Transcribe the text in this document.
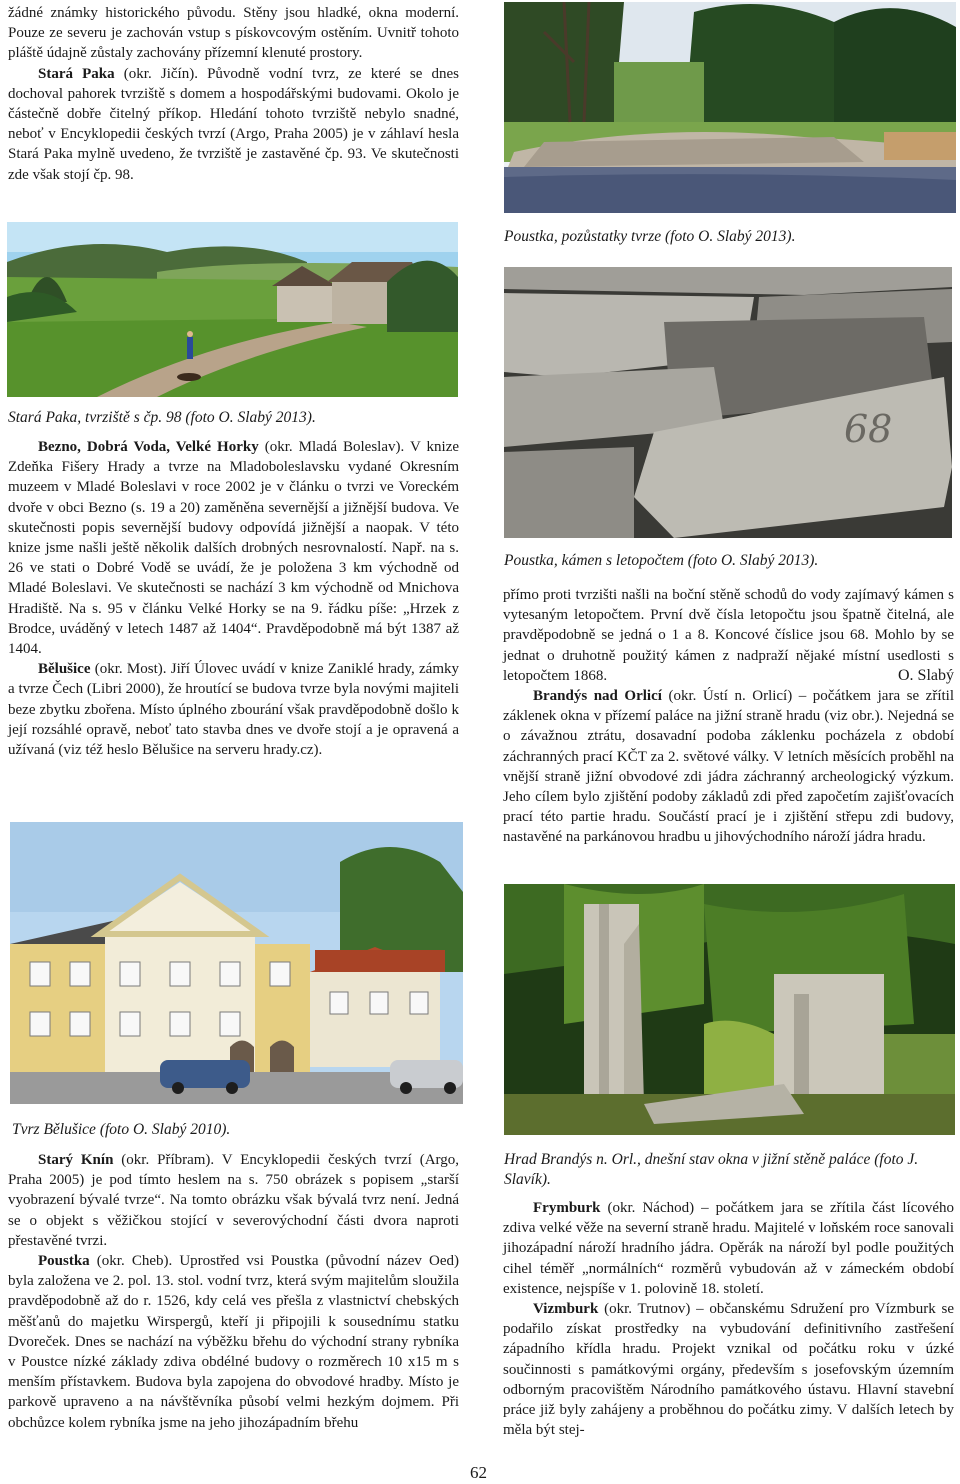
žádné známky historického původu. Stěny jsou hladké, okna moderní. Pouze ze severu je zachován vstup s pískovcovým ostěním. Uvnitř tohoto pláště údajně zůstaly zachovány přízemní klenuté prostory.

Stará Paka (okr. Jičín). Původně vodní tvrz, ze které se dnes dochoval pahorek tvrziště s domem a hospodářskými budovami. Okolo je částečně dobře čitelný příkop. Hledání tohoto tvrziště nebylo snadné, neboť v Encyklopedii českých tvrzí (Argo, Praha 2005) je v záhlaví hesla Stará Paka mylně uvedeno, že tvrziště je zastavěné čp. 93. Ve skutečnosti zde však stojí čp. 98.

Stará Paka, tvrziště s čp. 98 (foto O. Slabý 2013).

Bezno, Dobrá Voda, Velké Horky (okr. Mladá Boleslav). V knize Zdeňka Fišery Hrady a tvrze na Mladoboleslavsku vydané Okresním muzeem v Mladé Boleslavi v roce 2002 je v článku o tvrzi ve Voreckém dvoře v obci Bezno (s. 19 a 20) zaměněna severnější a jižnější budova. Ve skutečnosti popis severnější budovy odpovídá jižnější a naopak. V této knize jsme našli ještě několik dalších drobných nesrovnalostí. Např. na s. 26 ve stati o Dobré Vodě se uvádí, že je položena 3 km východně od Mladé Boleslavi. Ve skutečnosti se nachází 3 km východně od Mnichova Hradiště. Na s. 95 v článku Velké Horky se na 9. řádku píše: „Hrzek z Brodce, uváděný v letech 1487 až 1404“. Pravděpodobně má být 1387 až 1404.

Bělušice (okr. Most). Jiří Úlovec uvádí v knize Zaniklé hrady, zámky a tvrze Čech (Libri 2000), že hroutící se budova tvrze byla novými majiteli beze zbytku zbořena. Místo úplného zbourání však pravděpodobně došlo k její rozsáhlé opravě, neboť tato stavba dnes ve dvoře stojí a je opravená a užívaná (viz též heslo Bělušice na serveru hrady.cz).

Tvrz Bělušice (foto O. Slabý 2010).

Starý Knín (okr. Příbram). V Encyklopedii českých tvrzí (Argo, Praha 2005) je pod tímto heslem na s. 750 obrázek s popisem „starší vyobrazení bývalé tvrze“. Na tomto obrázku však bývalá tvrz není. Jedná se o objekt s věžičkou stojící v severovýchodní části dvora naproti přestavěné tvrzi.

Poustka (okr. Cheb). Uprostřed vsi Poustka (původní název Oed) byla založena ve 2. pol. 13. stol. vodní tvrz, která svým majitelům sloužila pravděpodobně až do r. 1526, kdy celá ves přešla z vlastnictví chebských měšťanů do majetku Wirspergů, kteří ji připojili k sousednímu statku Dvoreček. Dnes se nachází na výběžku břehu do východní strany rybníka v Poustce nízké základy zdiva obdélné budovy o rozměrech 10 x15 m s menším přístavkem. Budova byla zapojena do obvodové hradby. Místo je parkově upraveno a na návštěvníka působí velmi hezkým dojmem. Při obchůzce kolem rybníka jsme na jeho jihozápadním břehu

Poustka, pozůstatky tvrze (foto O. Slabý 2013).
68
Poustka, kámen s letopočtem (foto O. Slabý 2013).

přímo proti tvrzišti našli na boční stěně schodů do vody zajímavý kámen s vytesaným letopočtem. První dvě čísla letopočtu jsou špatně čitelná, ale pravděpodobně se jedná o 1 a 8. Koncové číslice jsou 68. Mohlo by se jednat o druhotně použitý kámen z nadpraží nějaké místní usedlosti s letopočtem 1868.	O. Slabý

Brandýs nad Orlicí (okr. Ústí n. Orlicí) – počátkem jara se zřítil záklenek okna v přízemí paláce na jižní straně hradu (viz obr.). Nejedná se o závažnou ztrátu, dosavadní podoba záklenku pocházela z období záchranných prací KČT za 2. světové války. V letních měsících proběhl na vnější straně jižní obvodové zdi jádra záchranný archeologický výzkum. Jeho cílem bylo zjištění podoby základů zdi před započetím zajišťovacích prací této partie hradu. Součástí prací je i zjištění střepu zdi budovy, nastavěné na parkánovou hradbu u jihovýchodního nároží jádra hradu.

Hrad Brandýs n. Orl., dnešní stav okna v jižní stěně paláce (foto J. Slavík).

Frymburk (okr. Náchod) – počátkem jara se zřítila část lícového zdiva velké věže na severní straně hradu. Majitelé v loňském roce sanovali jihozápadní nároží hradního jádra. Opěrák na nároží byl podle použitých cihel téměř „normálních“ rozměrů vybudován až v zámeckém období existence, nejspíše v 1. polovině 18. století.

Vizmburk (okr. Trutnov) – občanskému Sdružení pro Vízmburk se podařilo získat prostředky na vybudování definitivního zastřešení západního křídla hradu. Projekt vznikal od počátku roku v úzké součinnosti s památkovými orgány, především s josefovským územním odborným pracovištěm Národního památkového ústavu. Hlavní stavební práce již byly zahájeny a proběhnou do počátku zimy. V dalších letech by měla být stej-

62
